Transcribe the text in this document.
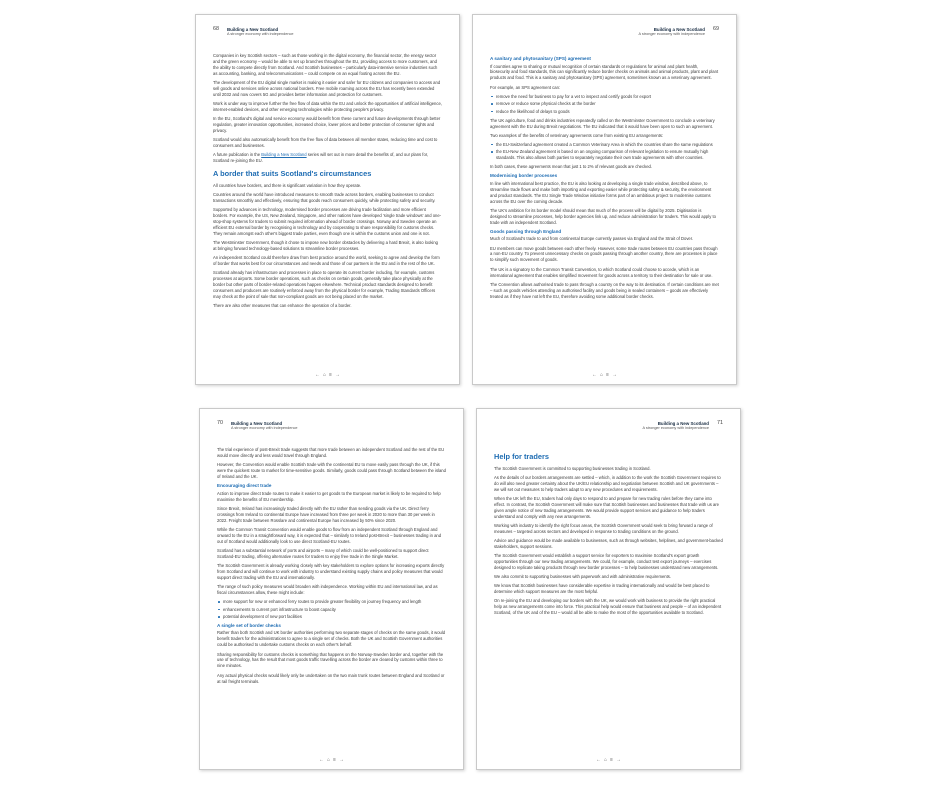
68 Building a New Scotland
A stronger economy with independence

Companies in key Scottish sectors – such as those working in the digital economy, the financial sector, the energy sector and the green economy – would be able to set up branches throughout the EU, providing access to more customers, and the ability to compete directly from Scotland. And Scottish businesses – particularly data-intensive service industries such as accounting, banking, and telecommunications – could compete on an equal footing across the EU.

The development of the EU digital single market is making it easier and safer for EU citizens and companies to access and sell goods and services online across national borders. Free mobile roaming across the EU has recently been extended until 2032 and now covers 5G and provides better information and protection for customers.

Work is under way to improve further the free flow of data within the EU and unlock the opportunities of artificial intelligence, internet-enabled devices, and other emerging technologies while protecting people's privacy.

In the EU, Scotland's digital and service economy would benefit from these current and future developments through better regulation, greater innovation opportunities, increased choice, lower prices and better protection of consumer rights and privacy.

Scotland would also automatically benefit from the free flow of data between all member states, reducing time and cost to consumers and businesses.

A future publication in the Building a New Scotland series will set out in more detail the benefits of, and our plans for, Scotland re-joining the EU.

A border that suits Scotland's circumstances

All countries have borders, and there is significant variation in how they operate.

Countries around the world have introduced measures to smooth trade across borders, enabling businesses to conduct transactions smoothly and effectively, ensuring that goods reach consumers quickly, while protecting safety and security.

Supported by advances in technology, modernised border processes are driving trade facilitation and more efficient borders. For example, the US, New Zealand, Singapore, and other nations have developed 'single trade windows' and one-stop-shop systems for traders to submit required information ahead of border crossings. Norway and Sweden operate an efficient EU external border by recognising in technology and by cooperating to share responsibility for customs checks. They remain amongst each other's biggest trade parties, even though one is within the customs union and one is not.

The Westminster Government, though it chose to impose new border obstacles by delivering a hard Brexit, is also looking at bringing forward technology-based solutions to streamline border processes.

An independent Scotland could therefore draw from best practice around the world, seeking to agree and develop the form of border that works best for our circumstances and needs and those of our partners in the EU and in the rest of the UK.

Scotland already has infrastructure and processes in place to operate its current border including, for example, customs processes at airports. Some border operations, such as checks on certain goods, generally take place physically at the border but other parts of border-related operations happen elsewhere. Technical product standards designed to benefit consumers and producers are routinely enforced away from the physical border for example, Trading Standards Officers may check at the point of sale that non-compliant goods are not being placed on the market.

There are also other measures that can enhance the operation of a border.

← ⌂ ≡ →
Building a New Scotland
A stronger economy with independence
69
A sanitary and phytosanitary (SPS) agreement

If countries agree to sharing or mutual recognition of certain standards or regulations for animal and plant health, biosecurity and food standards, this can significantly reduce border checks on animals and animal products, plant and plant products and food. This is a sanitary and phytosanitary (SPS) agreement, sometimes known as a veterinary agreement.

For example, an SPS agreement can:

remove the need for business to pay for a vet to inspect and certify goods for export
remove or reduce some physical checks at the border
reduce the likelihood of delays to goods

The UK agriculture, food and drinks industries repeatedly called on the Westminster Government to conclude a veterinary agreement with the EU during Brexit negotiations. The EU indicated that it would have been open to such an agreement.

Two examples of the benefits of veterinary agreements come from existing EU arrangements:

the EU-Switzerland agreement created a Common Veterinary Area in which the countries share the same regulations
the EU-New Zealand agreement is based on an ongoing comparison of relevant legislation to ensure mutually high standards. This also allows both parties to separately negotiate their own trade agreements with other countries.

In both cases, these agreements mean that just 1 to 2% of relevant goods are checked.

Modernising border processes

In line with international best practice, the EU is also looking at developing a single trade window, described above, to streamline trade flows and make both importing and exporting easier while protecting safety & security, the environment and product standards. The EU Single Trade Window initiative forms part of an ambitious project to modernise customs across the EU over the coming decade.

The UK's ambition for its border model should mean that much of the process will be digital by 2025. Digitisation is designed to streamline processes, help border agencies link up, and reduce administration for traders. This would apply to trade with an independent Scotland.

Goods passing through England

Much of Scotland's trade to and from continental Europe currently passes via England and the Strait of Dover.

EU members can move goods between each other freely. However, some trade routes between EU countries pass through a non-EU country. To prevent unnecessary checks on goods passing through another country, there are processes in place to simplify such movement of goods.

The UK is a signatory to the Common Transit Convention, to which Scotland could choose to accede, which is an international agreement that enables simplified movement for goods across a territory to their destination for sale or use.

The Convention allows authorised trade to pass through a country on the way to its destination. If certain conditions are met – such as goods vehicles attending an authorised facility and goods being in sealed containers – goods are effectively treated as if they have not left the EU, therefore avoiding some additional border checks.

← ⌂ ≡ →
70 Building a New Scotland
A stronger economy with independence

The trial experience of post-Brexit trade suggests that more trade between an independent Scotland and the rest of the EU would move directly and less would travel through England.

However, the Convention would enable Scottish trade with the continental EU to move easily pass through the UK, if this were the quickest route to market for time-sensitive goods. Similarly, goods could pass through Scotland between the island of Ireland and the UK.

Encouraging direct trade

Action to improve direct trade routes to make it easier to get goods to the European market is likely to be required to help maximise the benefits of EU membership.

Since Brexit, Ireland has increasingly traded directly with the EU rather than sending goods via the UK. Direct ferry crossings from Ireland to continental Europe have increased from three per week in 2020 to more than 30 per week in 2022. Freight trade between Rosslare and continental Europe has increased by 50% since 2020.

While the Common Transit Convention would enable goods to flow from an independent Scotland through England and onward to the EU in a straightforward way, it is expected that – similarly to Ireland post-Brexit – businesses trading in and out of Scotland would additionally look to use direct Scotland-EU routes.

Scotland has a substantial network of ports and airports – many of which could be well-positioned to support direct Scotland-EU trading, offering alternative routes for traders to enjoy free trade in the Single Market.

The Scottish Government is already working closely with key stakeholders to explore options for increasing exports directly from Scotland and will continue to work with industry to understand existing supply chains and policy measures that would support direct trading with the EU and internationally.

The range of such policy measures would broaden with independence. Working within EU and international law, and as fiscal circumstances allow, these might include:

more support for new or enhanced ferry routes to provide greater flexibility on journey frequency and length
enhancements to current port infrastructure to boost capacity
potential development of new port facilities
A single set of border checks

Rather than both Scottish and UK border authorities performing two separate stages of checks on the same goods, it would benefit traders for the administrations to agree to a single set of checks. Both the UK and Scottish Government authorities could be authorised to undertake customs checks on each other's behalf.

Sharing responsibility for customs checks is something that happens on the Norway-Sweden border and, together with the use of technology, has the result that most goods traffic travelling across the border are cleared by customs within three to nine minutes.

Any actual physical checks would likely only be undertaken on the two main trunk routes between England and Scotland or at rail freight terminals.

← ⌂ ≡ →
Building a New Scotland
A stronger economy with independence
71
Help for traders

The Scottish Government is committed to supporting businesses trading in Scotland.

As the details of our borders arrangements are settled – which, in addition to the work the Scottish Government requires to do will also need greater certainty about the UK/EU relationship and negotiation between Scottish and UK governments – we will set out measures to help traders adapt to any new procedures and requirements.

When the UK left the EU, traders had only days to respond to and prepare for new trading rules before they came into effect. In contrast, the Scottish Government will make sure that Scottish businesses and businesses that trade with us are given ample notice of new trading arrangements. We would provide support services and guidance to help traders understand and comply with any new arrangements.

Working with industry to identify the right focus areas, the Scottish Government would seek to bring forward a range of measures – targeted across sectors and developed in response to trading conditions on the ground.

Advice and guidance would be made available to businesses, such as through websites, helplines, and government-backed stakeholders, support sessions.

The Scottish Government would establish a support service for exporters to maximise Scotland's export growth opportunities through our new trading arrangements. We could, for example, conduct test export journeys – exercises designed to replicate taking products through new border processes – to help businesses understand new arrangements.

We also commit to supporting businesses with paperwork and with administrative requirements.

We know that Scottish businesses have considerable expertise in trading internationally and would be best placed to determine which support measures are the most helpful.

On re-joining the EU and developing our borders with the UK, we would work with business to provide the right practical help as new arrangements come into force. This practical help would ensure that business and people – of an independent Scotland, of the UK and of the EU – would all be able to make the most of the opportunities available to Scotland.

← ⌂ ≡ →
